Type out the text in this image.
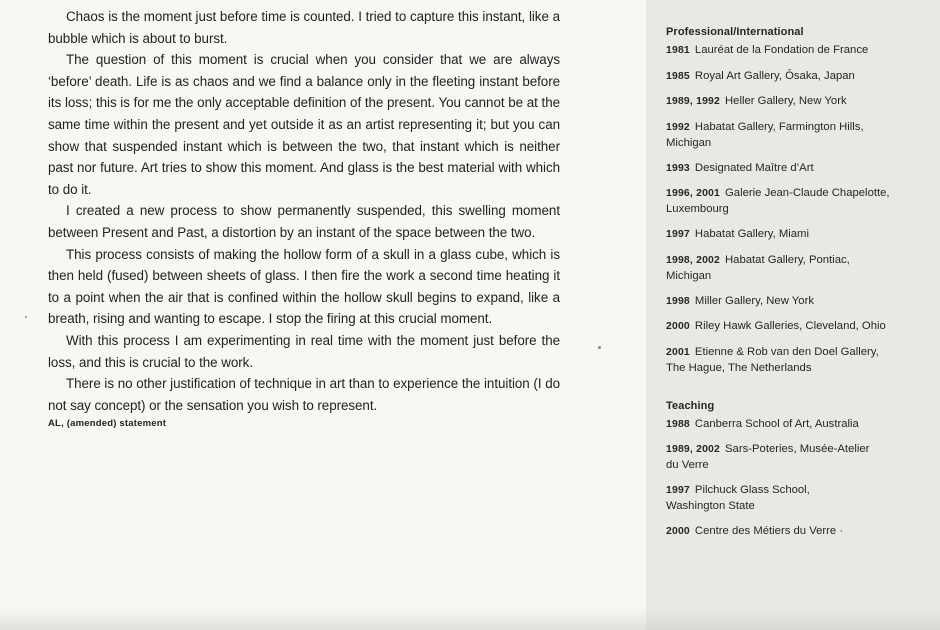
Chaos is the moment just before time is counted. I tried to capture this instant, like a bubble which is about to burst.

The question of this moment is crucial when you consider that we are always ‘before’ death. Life is as chaos and we find a balance only in the fleeting instant before its loss; this is for me the only acceptable definition of the present. You cannot be at the same time within the present and yet outside it as an artist representing it; but you can show that suspended instant which is between the two, that instant which is neither past nor future. Art tries to show this moment. And glass is the best material with which to do it.

I created a new process to show permanently suspended, this swelling moment between Present and Past, a distortion by an instant of the space between the two.

This process consists of making the hollow form of a skull in a glass cube, which is then held (fused) between sheets of glass. I then fire the work a second time heating it to a point when the air that is confined within the hollow skull begins to expand, like a breath, rising and wanting to escape. I stop the firing at this crucial moment.

With this process I am experimenting in real time with the moment just before the loss, and this is crucial to the work.

There is no other justification of technique in art than to experience the intuition (I do not say concept) or the sensation you wish to represent.

AL, (amended) statement

Professional/International
1981 Lauréat de la Fondation de France
1985 Royal Art Gallery, Ōsaka, Japan
1989, 1992 Heller Gallery, New York
1992 Habatat Gallery, Farmington Hills,
Michigan
1993 Designated Maître d’Art
1996, 2001 Galerie Jean-Claude Chapelotte,
Luxembourg
1997 Habatat Gallery, Miami
1998, 2002 Habatat Gallery, Pontiac,
Michigan
1998 Miller Gallery, New York
2000 Riley Hawk Galleries, Cleveland, Ohio
2001 Etienne & Rob van den Doel Gallery,
The Hague, The Netherlands
Teaching
1988 Canberra School of Art, Australia
1989, 2002 Sars-Poteries, Musée-Atelier
du Verre
1997 Pilchuck Glass School,
Washington State
2000 Centre des Métiers du Verre ·
